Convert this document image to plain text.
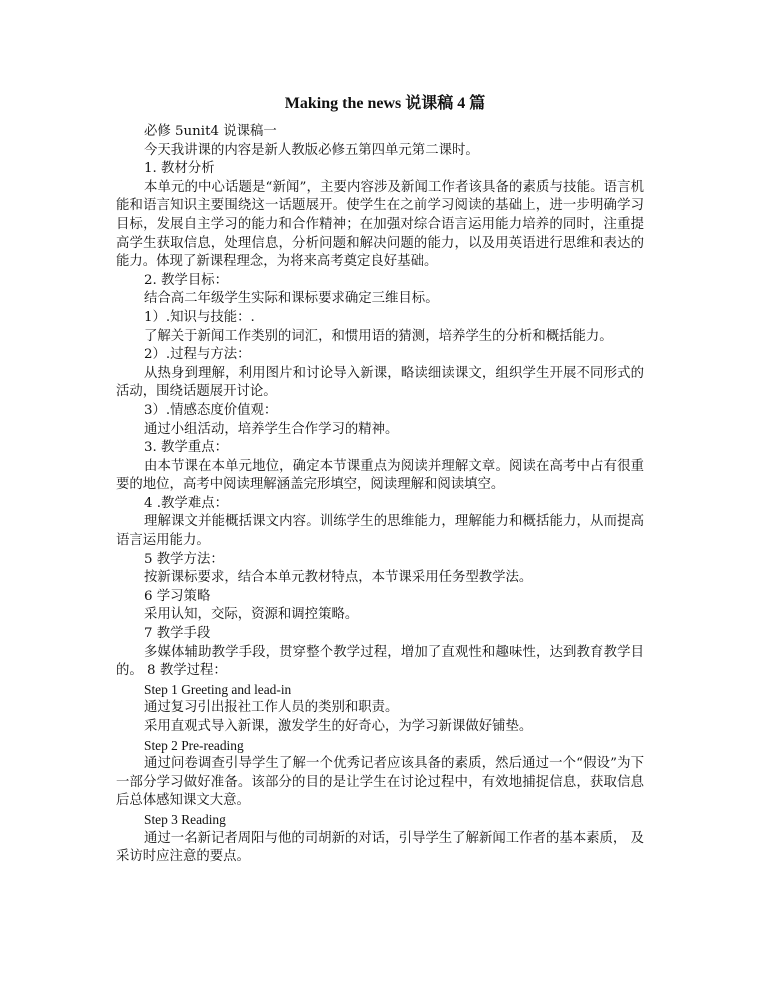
Making the news 说课稿 4 篇

必修 5unit4 说课稿一

今天我讲课的内容是新人教版必修五第四单元第二课时。

1. 教材分析

本单元的中心话题是“新闻”，主要内容涉及新闻工作者该具备的素质与技能。语言机能和语言知识主要围绕这一话题展开。使学生在之前学习阅读的基础上，进一步明确学习目标，发展自主学习的能力和合作精神；在加强对综合语言运用能力培养的同时，注重提高学生获取信息，处理信息，分析问题和解决问题的能力，以及用英语进行思维和表达的能力。体现了新课程理念，为将来高考奠定良好基础。

2. 教学目标：

结合高二年级学生实际和课标要求确定三维目标。

1）.知识与技能：.

了解关于新闻工作类别的词汇，和惯用语的猜测，培养学生的分析和概括能力。

2）.过程与方法：

从热身到理解，利用图片和讨论导入新课，略读细读课文，组织学生开展不同形式的活动，围绕话题展开讨论。

3）.情感态度价值观：

通过小组活动，培养学生合作学习的精神。

3. 教学重点：

由本节课在本单元地位，确定本节课重点为阅读并理解文章。阅读在高考中占有很重要的地位，高考中阅读理解涵盖完形填空，阅读理解和阅读填空。

4 .教学难点：

理解课文并能概括课文内容。训练学生的思维能力，理解能力和概括能力，从而提高语言运用能力。

5 教学方法：

按新课标要求，结合本单元教材特点，本节课采用任务型教学法。

6 学习策略

采用认知，交际，资源和调控策略。

7 教学手段

多媒体辅助教学手段，贯穿整个教学过程，增加了直观性和趣味性，达到教育教学目的。 8 教学过程：

Step 1 Greeting and lead-in

通过复习引出报社工作人员的类别和职责。

采用直观式导入新课，激发学生的好奇心，为学习新课做好铺垫。

Step 2 Pre-reading

通过问卷调查引导学生了解一个优秀记者应该具备的素质，然后通过一个“假设”为下一部分学习做好准备。该部分的目的是让学生在讨论过程中，有效地捕捉信息，获取信息后总体感知课文大意。

Step 3 Reading

通过一名新记者周阳与他的司胡新的对话，引导学生了解新闻工作者的基本素质， 及采访时应注意的要点。
